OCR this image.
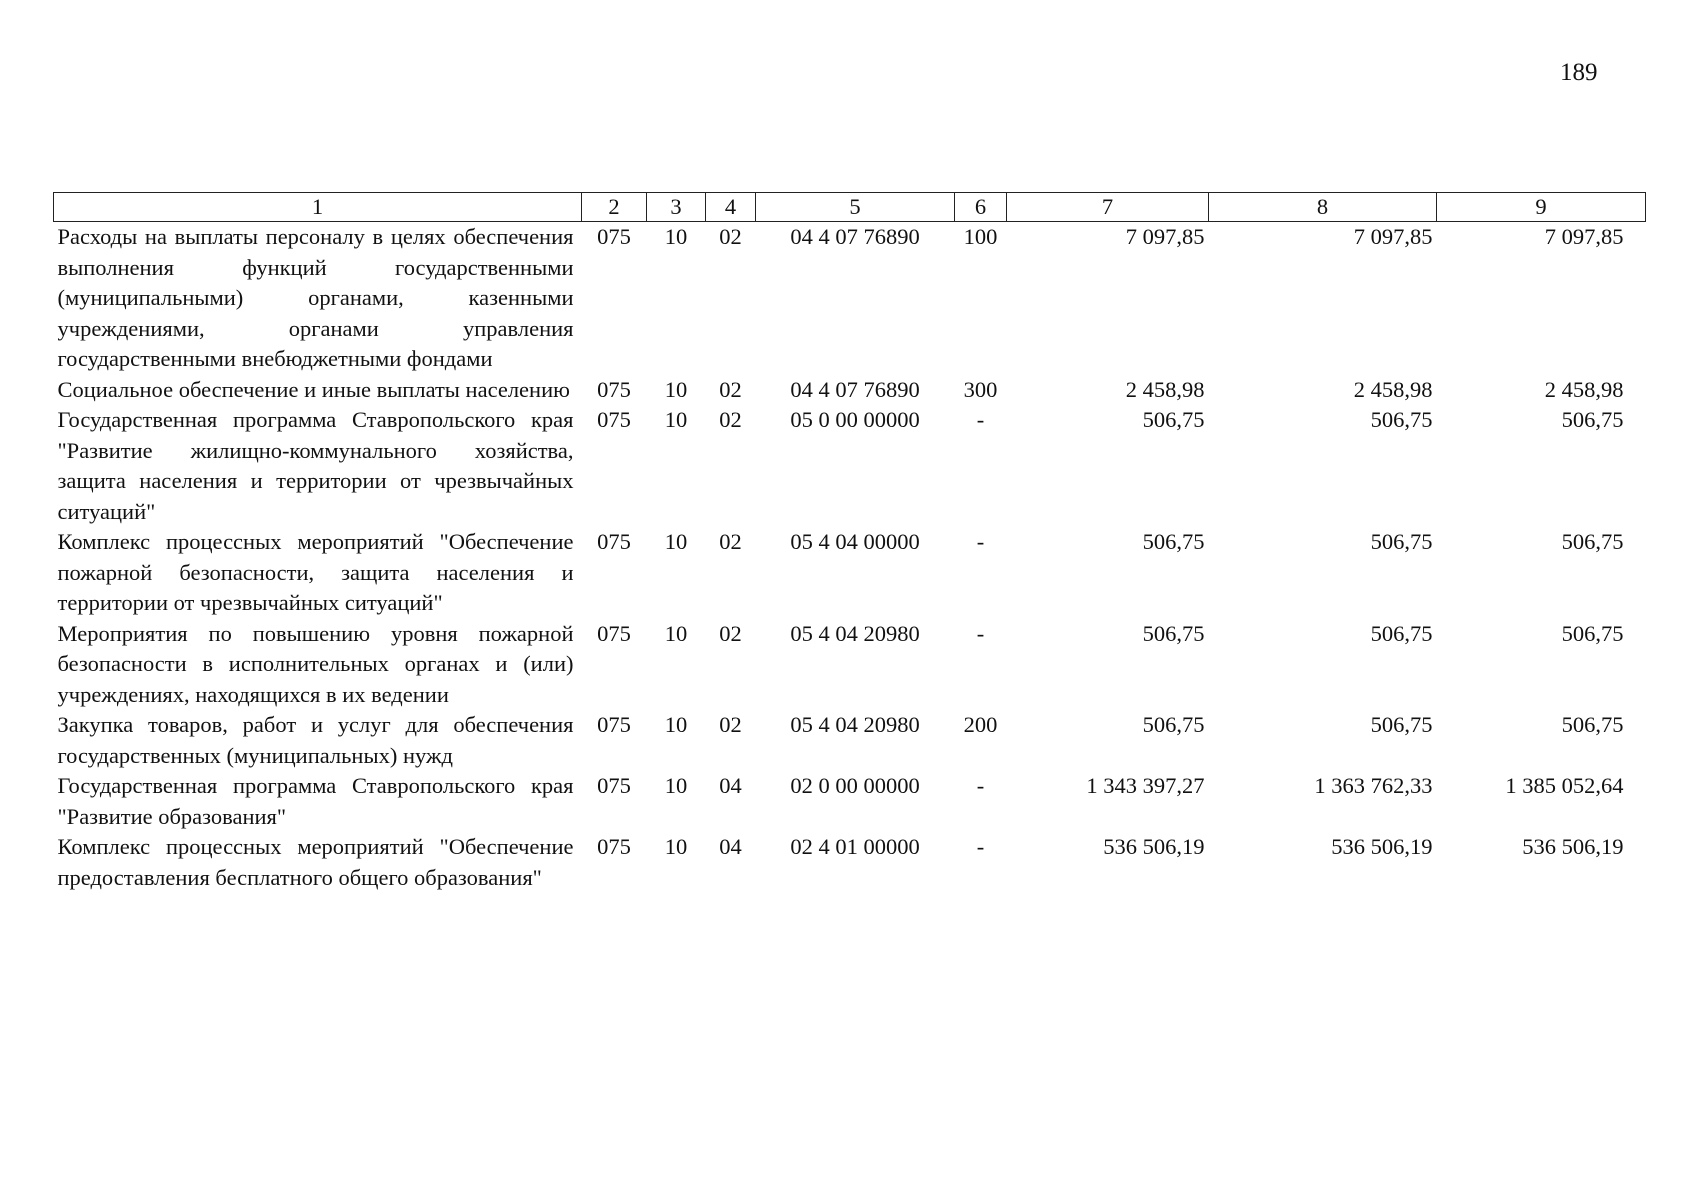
189
1	2	3	4	5	6	7	8	9
Расходы на выплаты персоналу в целях обеспечения выполнения функций государственными (муниципальными) органами, казенными учреждениями, органами управления государственными внебюджетными фондами	075	10	02	04 4 07 76890	100	7 097,85	7 097,85	7 097,85
Социальное обеспечение и иные выплаты населению	075	10	02	04 4 07 76890	300	2 458,98	2 458,98	2 458,98
Государственная программа Ставропольского края "Развитие жилищно-коммунального хозяйства, защита населения и территории от чрезвычайных ситуаций"	075	10	02	05 0 00 00000	-	506,75	506,75	506,75
Комплекс процессных мероприятий "Обеспечение пожарной безопасности, защита населения и территории от чрезвычайных ситуаций"	075	10	02	05 4 04 00000	-	506,75	506,75	506,75
Мероприятия по повышению уровня пожарной безопасности в исполнительных органах и (или) учреждениях, находящихся в их ведении	075	10	02	05 4 04 20980	-	506,75	506,75	506,75
Закупка товаров, работ и услуг для обеспечения государственных (муниципальных) нужд	075	10	02	05 4 04 20980	200	506,75	506,75	506,75
Государственная программа Ставропольского края "Развитие образования"	075	10	04	02 0 00 00000	-	1 343 397,27	1 363 762,33	1 385 052,64
Комплекс процессных мероприятий "Обеспечение предоставления бесплатного общего образования"	075	10	04	02 4 01 00000	-	536 506,19	536 506,19	536 506,19
